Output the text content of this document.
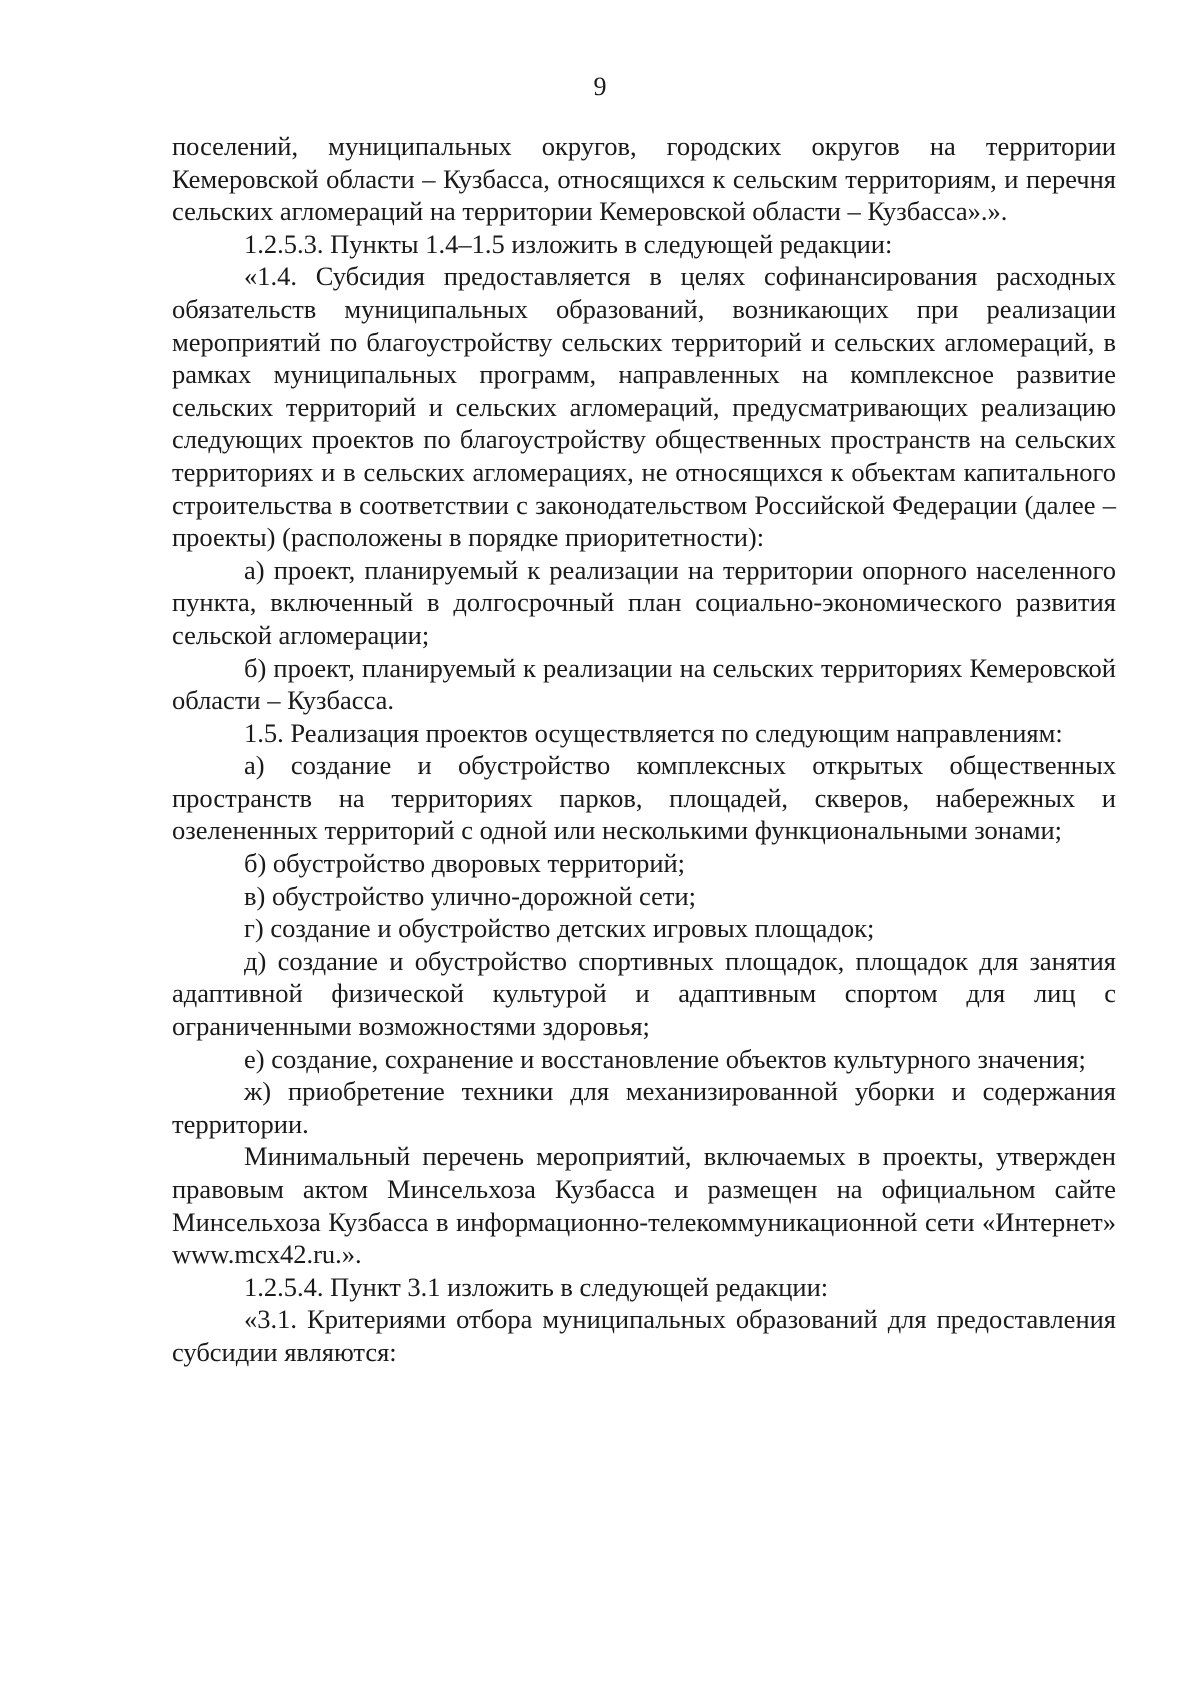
9

поселений, муниципальных округов, городских округов на территории Кемеровской области – Кузбасса, относящихся к сельским территориям, и перечня сельских агломераций на территории Кемеровской области – Кузбасса».».

1.2.5.3. Пункты 1.4–1.5 изложить в следующей редакции:

«1.4. Субсидия предоставляется в целях софинансирования расходных обязательств муниципальных образований, возникающих при реализации мероприятий по благоустройству сельских территорий и сельских агломераций, в рамках муниципальных программ, направленных на комплексное развитие сельских территорий и сельских агломераций, предусматривающих реализацию следующих проектов по благоустройству общественных пространств на сельских территориях и в сельских агломерациях, не относящихся к объектам капитального строительства в соответствии с законодательством Российской Федерации (далее – проекты) (расположены в порядке приоритетности):

а) проект, планируемый к реализации на территории опорного населенного пункта, включенный в долгосрочный план социально-экономического развития сельской агломерации;

б) проект, планируемый к реализации на сельских территориях Кемеровской области – Кузбасса.

1.5. Реализация проектов осуществляется по следующим направлениям:

а) создание и обустройство комплексных открытых общественных пространств на территориях парков, площадей, скверов, набережных и озелененных территорий с одной или несколькими функциональными зонами;

б) обустройство дворовых территорий;

в) обустройство улично-дорожной сети;

г) создание и обустройство детских игровых площадок;

д) создание и обустройство спортивных площадок, площадок для занятия адаптивной физической культурой и адаптивным спортом для лиц с ограниченными возможностями здоровья;

е) создание, сохранение и восстановление объектов культурного значения;

ж) приобретение техники для механизированной уборки и содержания территории.

Минимальный перечень мероприятий, включаемых в проекты, утвержден правовым актом Минсельхоза Кузбасса и размещен на официальном сайте Минсельхоза Кузбасса в информационно-телекоммуникационной сети «Интернет» www.mcx42.ru.».

1.2.5.4. Пункт 3.1 изложить в следующей редакции:

«3.1. Критериями отбора муниципальных образований для предоставления субсидии являются:
